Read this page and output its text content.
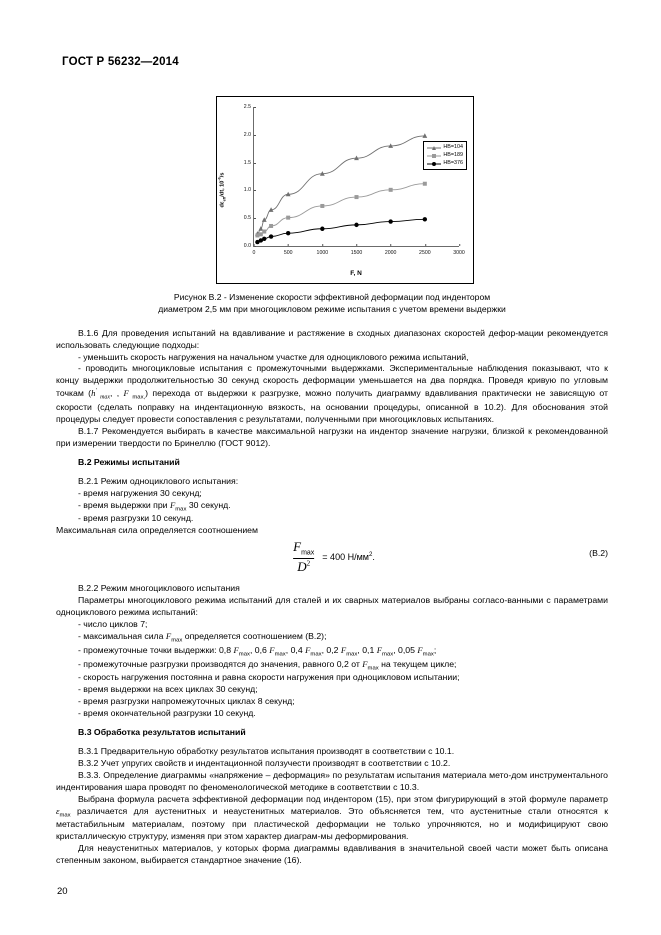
ГОСТ Р 56232—2014
$d\varepsilon_{eff}/dt$, $10^{-6}/s$
0.0
0.5
1.0
1.5
2.0
2.5
0	500	1000	1500	2000	2500	3000
F, N
HB=104
HB=189
HB=376
Рисунок В.2 - Изменение скорости эффективной деформации под индентором
диаметром 2,5 мм при многоцикловом режиме испытания с учетом времени выдержки

В.1.6 Для проведения испытаний на вдавливание и растяжение в сходных диапазонах скоростей дефор-мации рекомендуется использовать следующие подходы:

- уменьшить скорость нагружения на начальном участке для одноциклового режима испытаний,

- проводить многоцикловые испытания с промежуточными выдержками. Экспериментальные наблюдения показывают, что к концу выдержки продолжительностью 30 секунд скорость деформации уменьшается на два порядка. Проведя кривую по угловым точкам (h′ $_{max}$, , F $_{max,}$) перехода от выдержки к разгрузке, можно получить диаграмму вдавливания практически не зависящую от скорости (сделать поправку на индентационную вязкость, на основании процедуры, описанной в 10.2). Для обоснования этой процедуры следует провести сопоставления с результатами, полученными при многоцикловых испытаниях.

В.1.7 Рекомендуется выбирать в качестве максимальной нагрузки на индентор значение нагрузки, близкой к рекомендованной при измерении твердости по Бринеллю (ГОСТ 9012).

В.2 Режимы испытаний

В.2.1 Режим одноциклового испытания:

- время нагружения 30 секунд;

- время выдержки при $F_{max}$ 30 секунд.

- время разгрузки 10 секунд.

Максимальная сила определяется соотношением

$\frac{F_{max}}{D^2} = 400$ $Н/мм^2$.	(В.2)

В.2.2 Режим многоциклового испытания

Параметры многоциклового режима испытаний для сталей и их сварных материалов выбраны согласо-ванными с параметрами одноциклового режима испытаний:

- число циклов 7;

- максимальная сила $F_{max}$ определяется соотношением (В.2);

- промежуточные точки выдержки: 0,8 $F_{max}$, 0,6 $F_{max}$, 0,4 $F_{max}$, 0,2 $F_{max}$, 0,1 $F_{max}$, 0,05 $F_{max}$;

- промежуточные разгрузки производятся до значения, равного 0,2 от $F_{max}$ на текущем цикле;

- скорость нагружения постоянна и равна скорости нагружения при одноцикловом испытании;

- время выдержки на всех циклах 30 секунд;

- время разгрузки напромежуточных циклах 8 секунд;

- время окончательной разгрузки 10 секунд.

В.3 Обработка результатов испытаний

В.3.1 Предварительную обработку результатов испытания производят в соответствии с 10.1.

В.3.2 Учет упругих свойств и индентационной ползучести производят в соответствии с 10.2.

В.3.3. Определение диаграммы «напряжение – деформация» по результатам испытания материала мето-дом инструментального индентирования шара проводят по феноменологической методике в соответствии с 10.3.

Выбрана формула расчета эффективной деформации под индентором (15), при этом фигурирующий в этой формуле параметр $\varepsilon_{max}$ различается для аустенитных и неаустенитных материалов. Это объясняется тем, что аустенитные стали относятся к метастабильным материалам, поэтому при пластической деформации не только упрочняются, но и модифицируют свою кристаллическую структуру, изменяя при этом характер диаграм-мы деформирования.

Для неаустенитных материалов, у которых форма диаграммы вдавливания в значительной своей части может быть описана степенным законом, выбирается стандартное значение (16).

20
